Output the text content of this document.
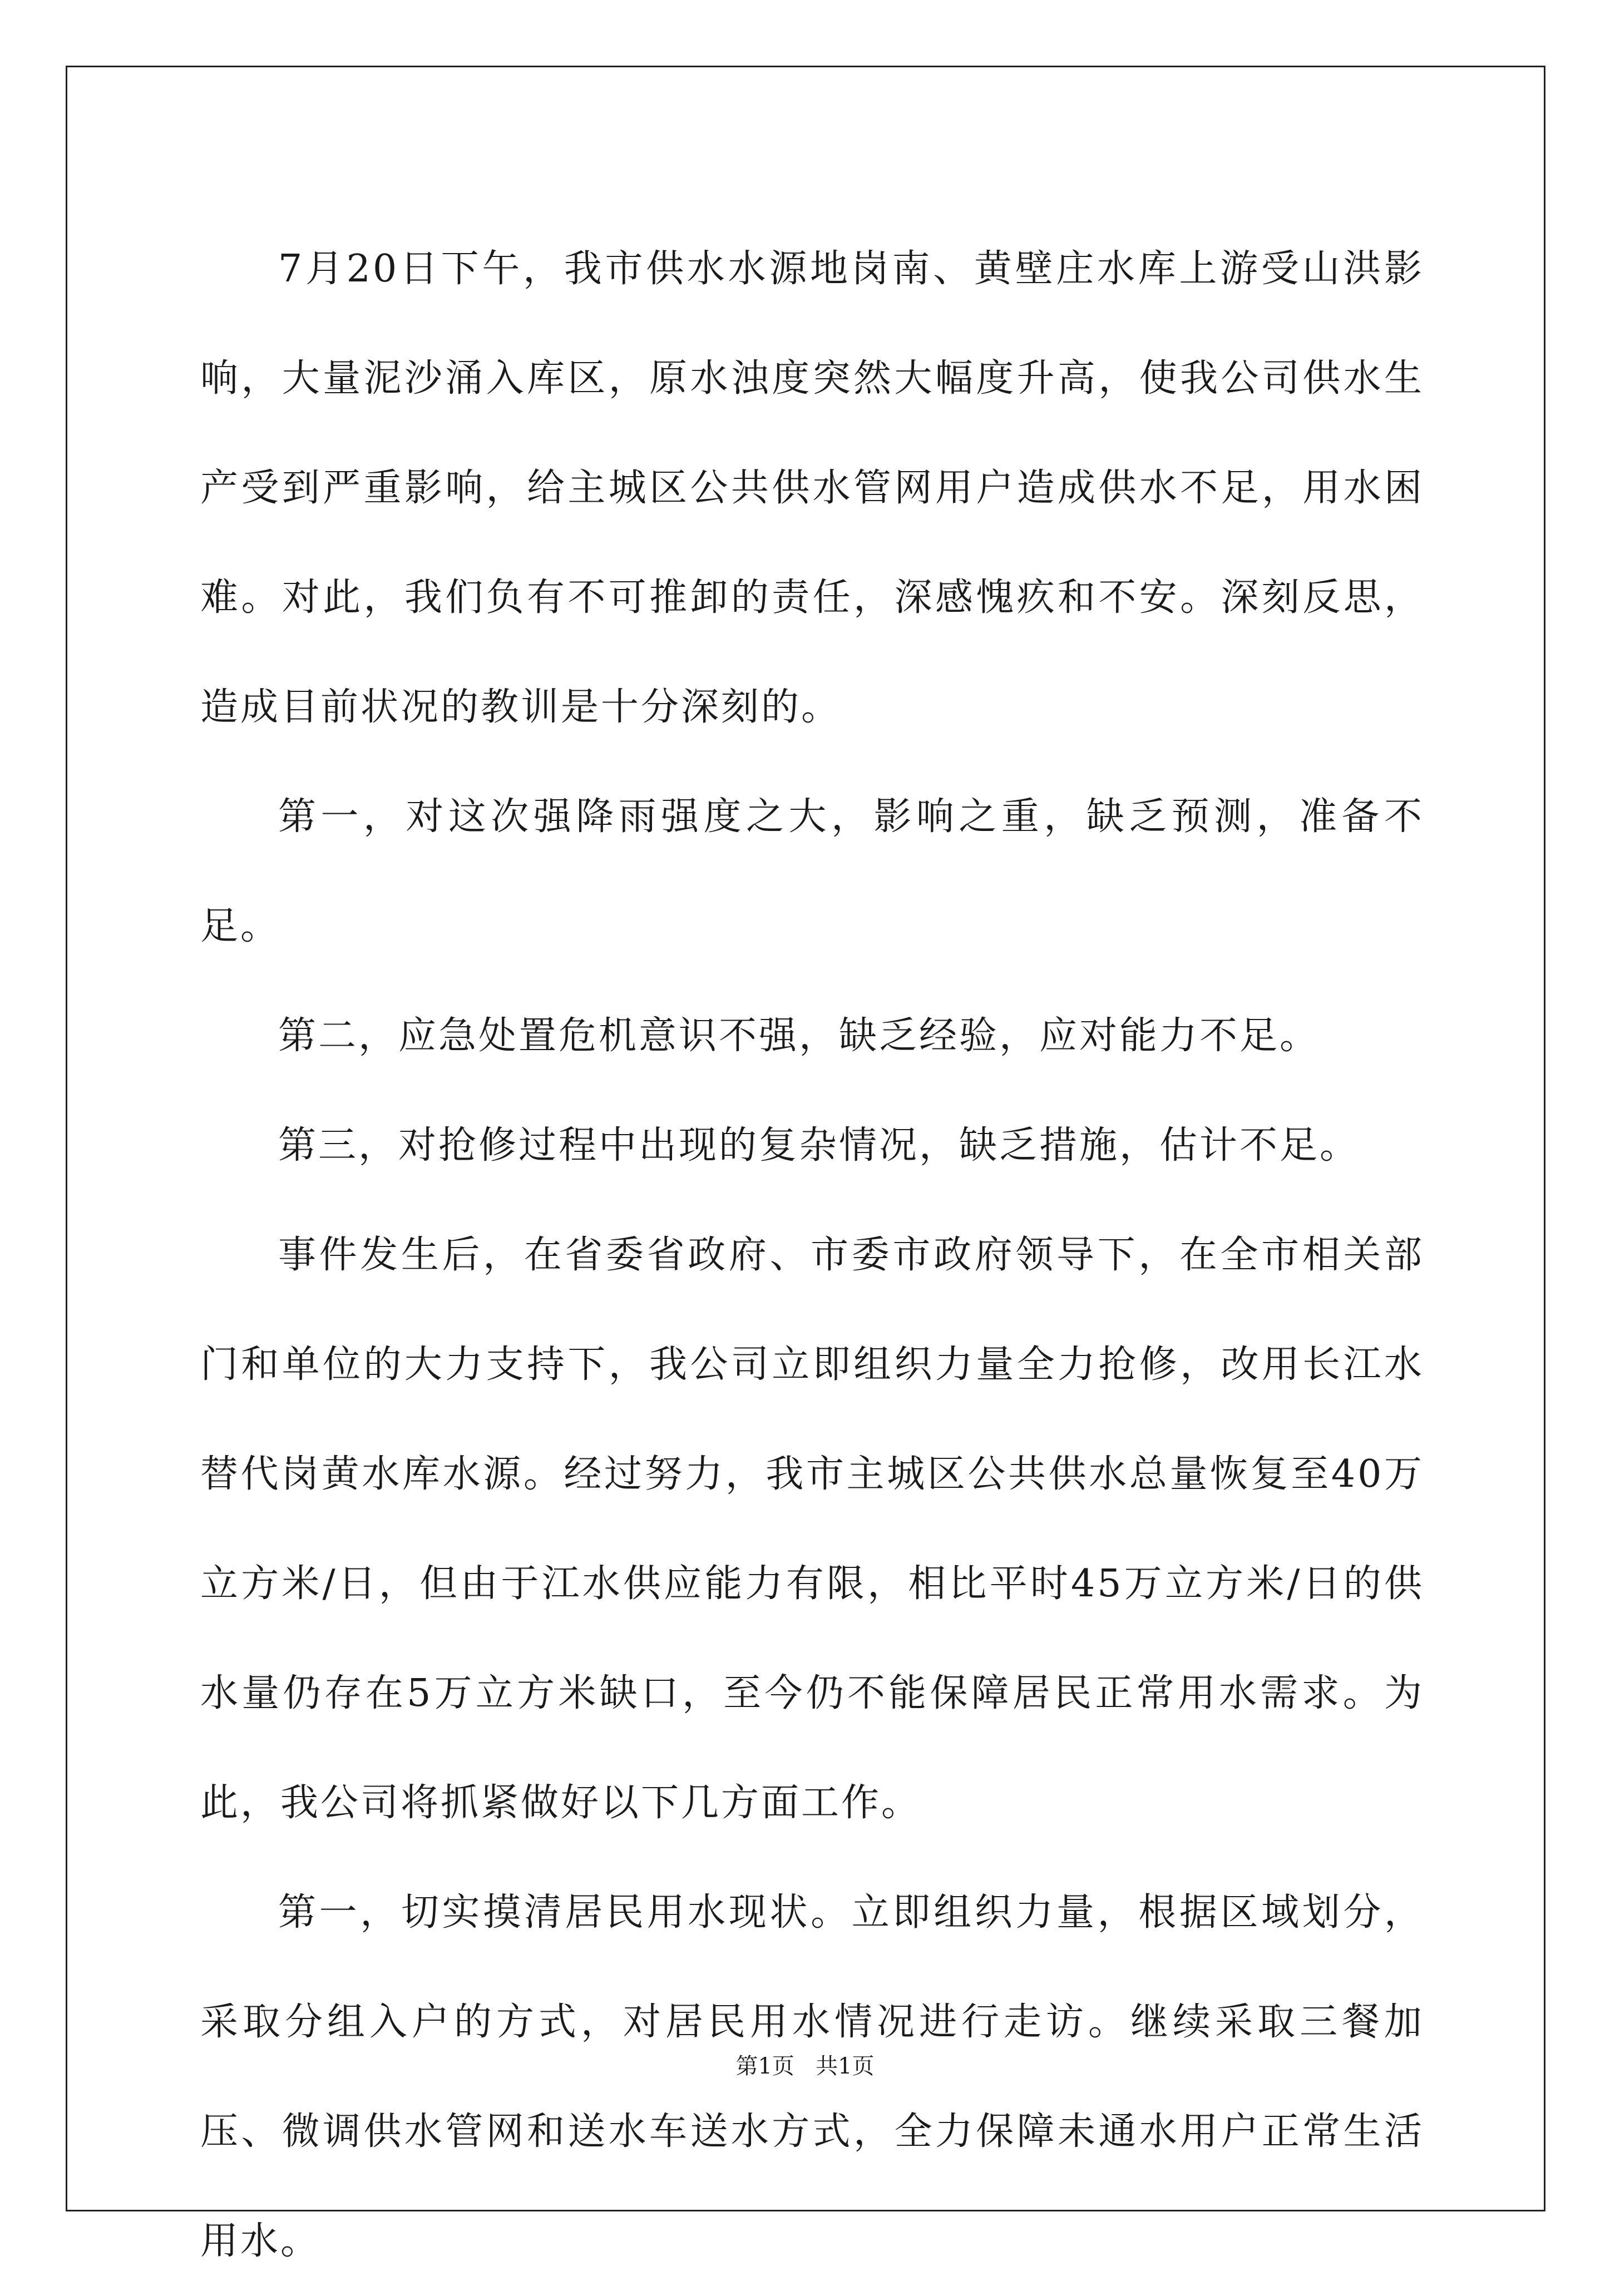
7月20日下午，我市供水水源地岗南、黄壁庄水库上游受山洪影响，大量泥沙涌入库区，原水浊度突然大幅度升高，使我公司供水生产受到严重影响，给主城区公共供水管网用户造成供水不足，用水困难。对此，我们负有不可推卸的责任，深感愧疚和不安。深刻反思，造成目前状况的教训是十分深刻的。

第一，对这次强降雨强度之大，影响之重，缺乏预测，准备不足。

第二，应急处置危机意识不强，缺乏经验，应对能力不足。

第三，对抢修过程中出现的复杂情况，缺乏措施，估计不足。

事件发生后，在省委省政府、市委市政府领导下，在全市相关部门和单位的大力支持下，我公司立即组织力量全力抢修，改用长江水替代岗黄水库水源。经过努力，我市主城区公共供水总量恢复至40万立方米/日，但由于江水供应能力有限，相比平时45万立方米/日的供水量仍存在5万立方米缺口，至今仍不能保障居民正常用水需求。为此，我公司将抓紧做好以下几方面工作。

第一，切实摸清居民用水现状。立即组织力量，根据区域划分，采取分组入户的方式，对居民用水情况进行走访。继续采取三餐加压、微调供水管网和送水车送水方式，全力保障未通水用户正常生活用水。

第1页 共1页
